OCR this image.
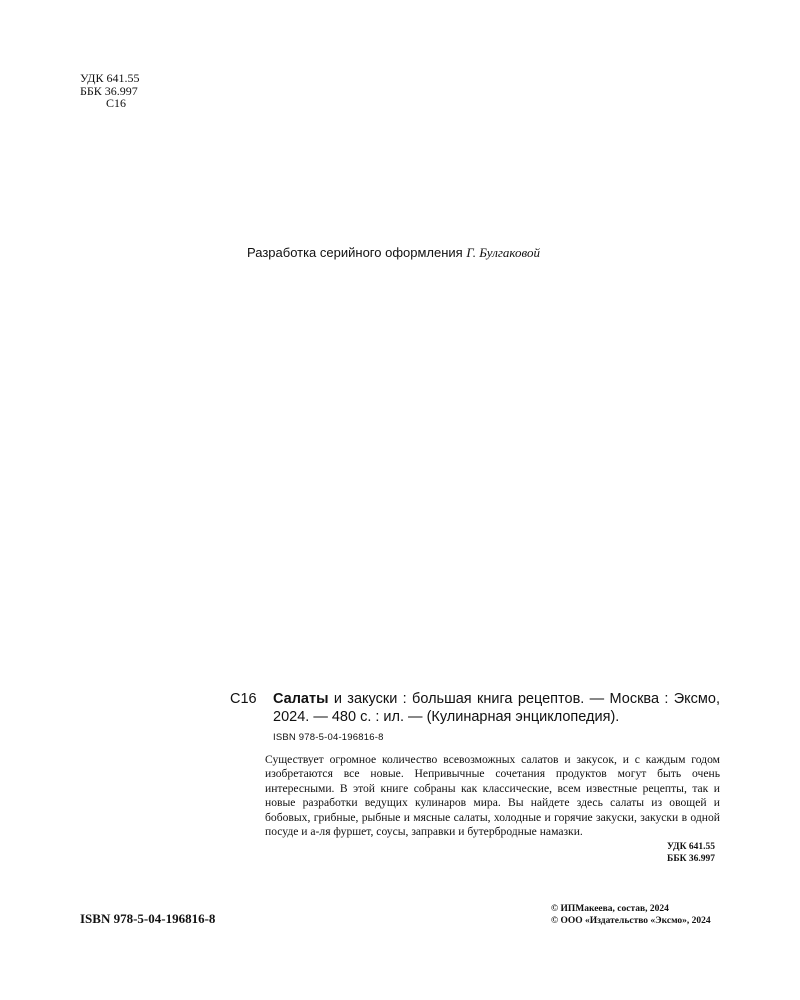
УДК 641.55
ББК 36.997
С16
Разработка серийного оформления Г. Булгаковой
С16 Салаты и закуски : большая книга рецептов. — Москва : Эксмо, 2024. — 480 с. : ил. — (Кулинарная энциклопедия).
ISBN 978-5-04-196816-8
Существует огромное количество всевозможных салатов и закусок, и с каждым годом изобретаются все новые. Непривычные сочетания продуктов могут быть очень интересными. В этой книге собраны как классические, всем известные рецепты, так и новые разработки ведущих кулинаров мира. Вы найдете здесь салаты из овощей и бобовых, грибные, рыбные и мясные салаты, холодные и горячие закуски, закуски в одной посуде и а-ля фуршет, соусы, заправки и бутербродные намазки.
УДК 641.55
ББК 36.997
ISBN 978-5-04-196816-8
© ИПМакеева, состав, 2024
© ООО «Издательство «Эксмо», 2024
